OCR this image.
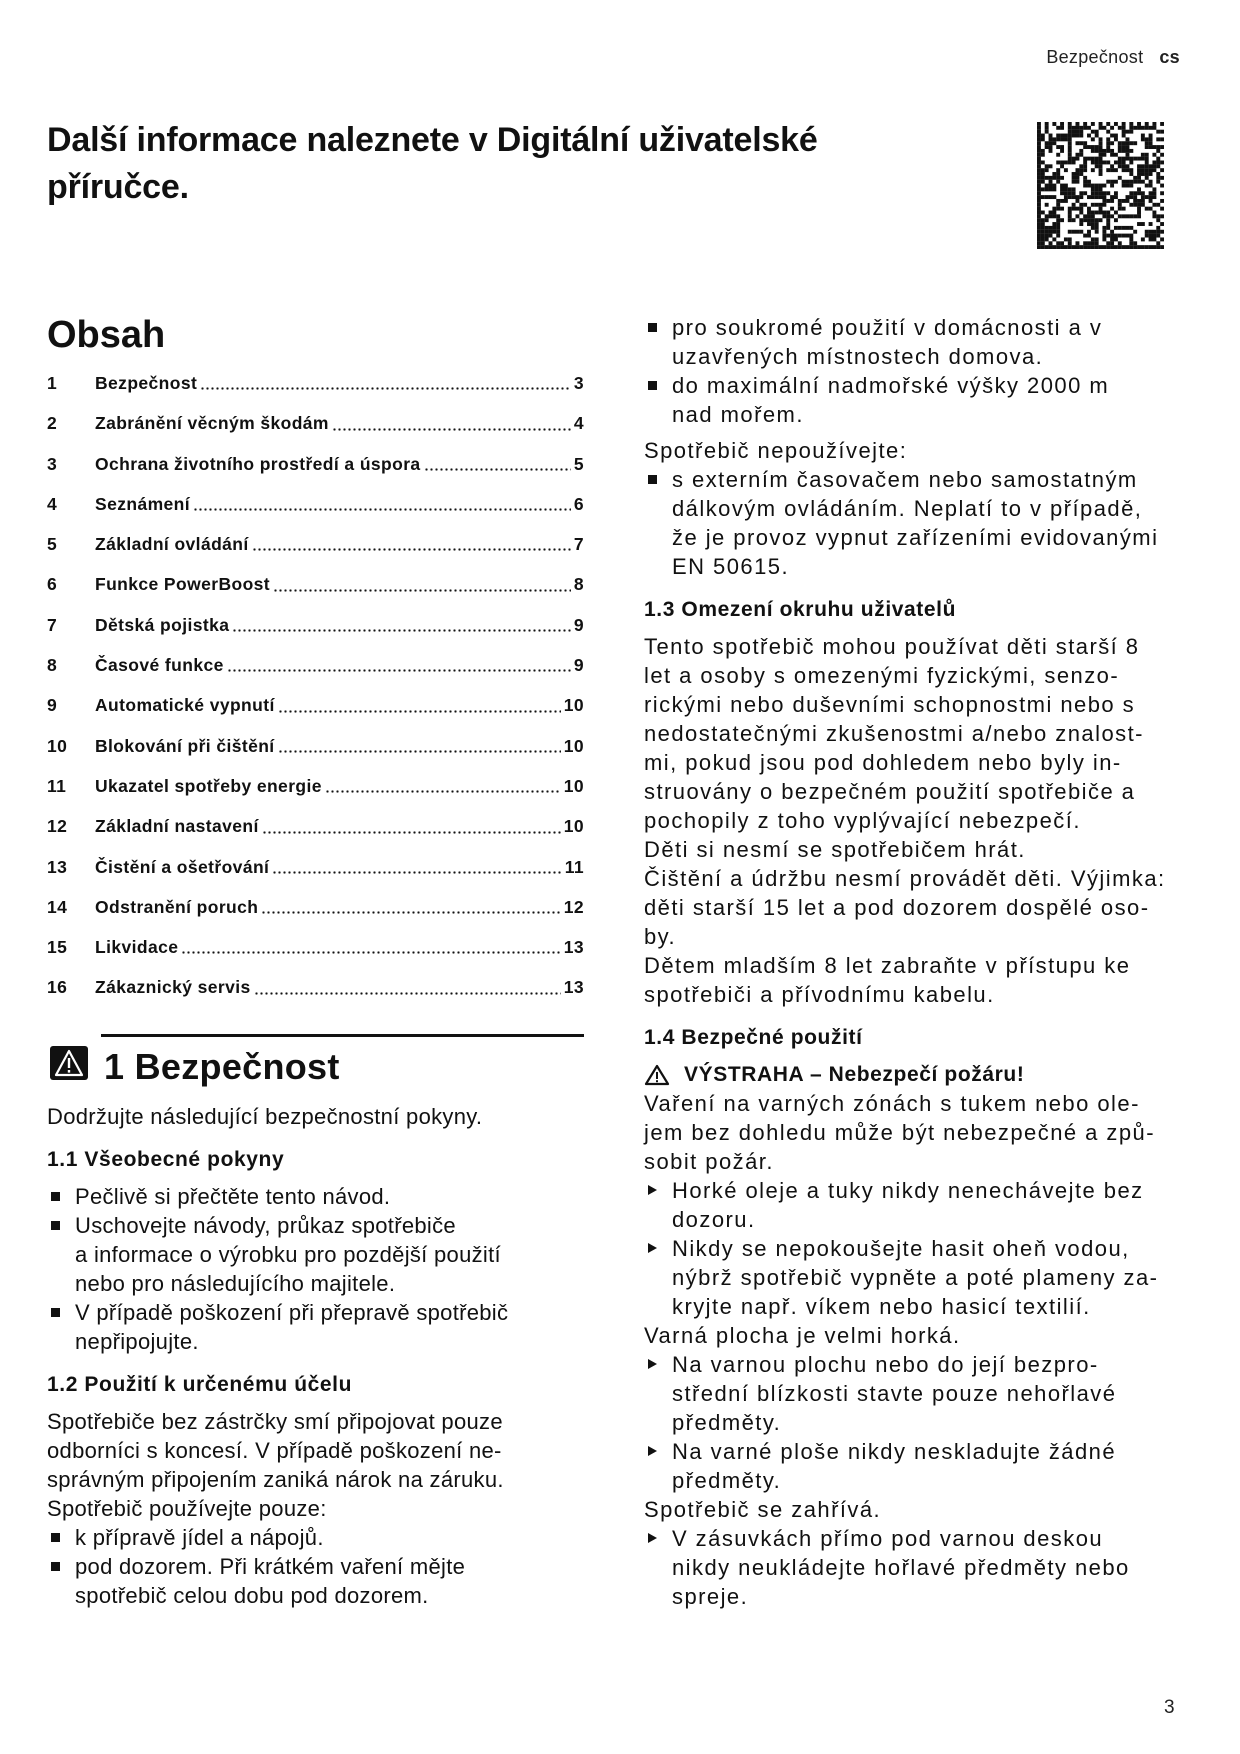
Bezpečnost cs
Další informace naleznete v Digitální uživatelské
příručce.
Obsah
1	Bezpečnost	3
2	Zabránění věcným škodám	4
3	Ochrana životního prostředí a úspora	5
4	Seznámení	6
5	Základní ovládání	7
6	Funkce PowerBoost	8
7	Dětská pojistka	9
8	Časové funkce	9
9	Automatické vypnutí	10
10	Blokování při čištění	10
11	Ukazatel spotřeby energie	10
12	Základní nastavení	10
13	Čistění a ošetřování	11
14	Odstranění poruch	12
15	Likvidace	13
16	Zákaznický servis	13
1 Bezpečnost
Dodržujte následující bezpečnostní pokyny.
1.1 Všeobecné pokyny
Pečlivě si přečtěte tento návod.
Uschovejte návody, průkaz spotřebiče
a informace o výrobku pro pozdější použití
nebo pro následujícího majitele.
V případě poškození při přepravě spotřebič
nepřipojujte.
1.2 Použití k určenému účelu
Spotřebiče bez zástrčky smí připojovat pouze
odborníci s koncesí. V případě poškození ne-
správným připojením zaniká nárok na záruku.
Spotřebič používejte pouze:
k přípravě jídel a nápojů.
pod dozorem. Při krátkém vaření mějte
spotřebič celou dobu pod dozorem.
pro soukromé použití v domácnosti a v
uzavřených místnostech domova.
do maximální nadmořské výšky 2000 m
nad mořem.
Spotřebič nepoužívejte:
s externím časovačem nebo samostatným
dálkovým ovládáním. Neplatí to v případě,
že je provoz vypnut zařízeními evidovanými
EN 50615.
1.3 Omezení okruhu uživatelů
Tento spotřebič mohou používat děti starší 8
let a osoby s omezenými fyzickými, senzo-
rickými nebo duševními schopnostmi nebo s
nedostatečnými zkušenostmi a/nebo znalost-
mi, pokud jsou pod dohledem nebo byly in-
struovány o bezpečném použití spotřebiče a
pochopily z toho vyplývající nebezpečí.
Děti si nesmí se spotřebičem hrát.
Čištění a údržbu nesmí provádět děti. Výjimka:
děti starší 15 let a pod dozorem dospělé oso-
by.
Dětem mladším 8 let zabraňte v přístupu ke
spotřebiči a přívodnímu kabelu.
1.4 Bezpečné použití
VÝSTRAHA – Nebezpečí požáru!
Vaření na varných zónách s tukem nebo ole-
jem bez dohledu může být nebezpečné a způ-
sobit požár.
Horké oleje a tuky nikdy nenechávejte bez
dozoru.
Nikdy se nepokoušejte hasit oheň vodou,
nýbrž spotřebič vypněte a poté plameny za-
kryjte např. víkem nebo hasicí textilií.
Varná plocha je velmi horká.
Na varnou plochu nebo do její bezpro-
střední blízkosti stavte pouze nehořlavé
předměty.
Na varné ploše nikdy neskladujte žádné
předměty.
Spotřebič se zahřívá.
V zásuvkách přímo pod varnou deskou
nikdy neukládejte hořlavé předměty nebo
spreje.
3
